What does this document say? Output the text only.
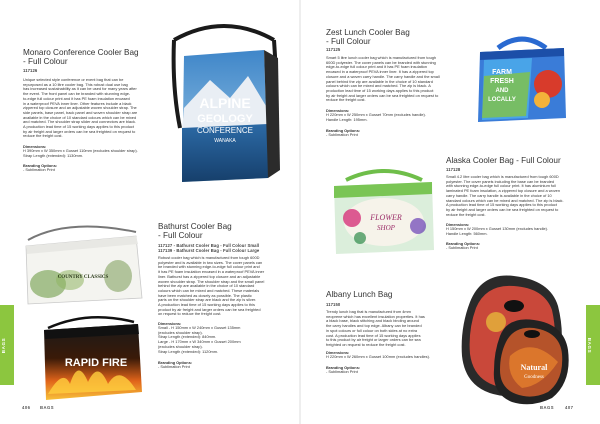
Monaro Conference Cooler Bag
- Full Colour
117126
Unique selected style conference or event bag that can be
repurposed as a 10 litre cooler bag. This robust dual use bag
has increased sustainability as it can be used for many years after
the event. The front panel can be branded with stunning edge-
to-edge full colour print and it has PE foam insulation encased
in a waterproof PEVA inner liner. Other features include a black
zippered top closure and an adjustable woven shoulder strap. The
side panels, base panel, back panel and woven shoulder strap are
available in the choice of 10 standard colours which can be mixed
and matched. The shoulder strap slider and connectors are black.
A production lead time of 15 working days applies to this product
by air freight and larger orders can be sea freighted on request to
reduce the freight cost.
Dimensions:
H 390mm x W 350mm x Gusset 110mm (excludes shoulder strap).
Strap Length (extended): 1130mm.
Branding Options:
- Sublimation Print
ALPINE
GEOLOGY
CONFERENCE
WANAKA
Bathurst Cooler Bag
- Full Colour
117127 - Bathurst Cooler Bag - Full Colour Small
117139 - Bathurst Cooler Bag - Full Colour Large
Robust cooler bag which is manufactured from tough 600D
polyester and is available in two sizes. The cover panels can
be branded with stunning edge-to-edge full colour print and
it has PE foam insulation encased in a waterproof PEVA inner
liner. Bathurst has a zippered top closure and an adjustable
woven shoulder strap. The shoulder strap and the small panel
behind the zip are available in the choice of 10 standard
colours which can be mixed and matched. These materials
have been matched as closely as possible. The plastic
parts on the shoulder strap are black and the zip is silver.
A production lead time of 15 working days applies to this
product by air freight and larger orders can be sea freighted
on request to reduce the freight cost.
Dimensions:
Small - H 150mm x W 240mm x Gusset 135mm
(excludes shoulder strap).
Strap Length (extended): 840mm.
Large - H 170mm x W 340mm x Gusset 200mm
(excludes shoulder strap).
Strap Length (extended): 1120mm.
Branding Options:
- Sublimation Print
COUNTRY CLASSICS
RAPID FIRE
BAGS
406 BAGS
Zest Lunch Cooler Bag
- Full Colour
117125
Smart 5 litre lunch cooler bag which is manufactured from tough
600D polyester. The cover panels can be branded with stunning
edge-to-edge full colour print and it has PE foam insulation
encased in a waterproof PEVA inner liner. It has a zippered top
closure and a woven carry handle. The carry handle and the small
panel behind the zip are available in the choice of 10 standard
colours which can be mixed and matched. The zip is black. A
production lead time of 15 working days applies to this product
by air freight and larger orders can be sea freighted on request to
reduce the freight cost.
Dimensions:
H 220mm x W 250mm x Gusset 70mm (excludes handle).
Handle Length: 195mm.
Branding Options:
- Sublimation Print
FARM
FRESH
AND
LOCALLY
Alaska Cooler Bag - Full Colour
117128
Small 4.2 litre cooler bag which is manufactured from tough 600D
polyester. The cover panels including the base can be branded
with stunning edge-to-edge full colour print. It has aluminium foil
laminated PE foam insulation, a zippered top closure and a woven
carry handle. The carry handle is available in the choice of 10
standard colours which can be mixed and matched. The zip is black.
A production lead time of 15 working days applies to this product
by air freight and larger orders can be sea freighted on request to
reduce the freight cost.
Dimensions:
H 150mm x W 200mm x Gusset 130mm (excludes handle).
Handle Length: 560mm.
Branding Options:
- Sublimation Print
FLOWER
SHOP
Albany Lunch Bag
117150
Trendy lunch bag that is manufactured from 4mm
neoprene which has excellent insulation properties. It has
a black base, black stitching and black binding around
the carry handles and top edge. Albany can be branded
in spot colours or full colour on both sides at no extra
cost. A production lead time of 15 working days applies
to this product by air freight or larger orders can be sea
freighted on request to reduce the freight cost.
Dimensions:
H 220mm x W 260mm x Gusset 100mm (excludes handles).
Branding Options:
- Sublimation Print	Natural
Goodness
BAGS
BAGS	407
